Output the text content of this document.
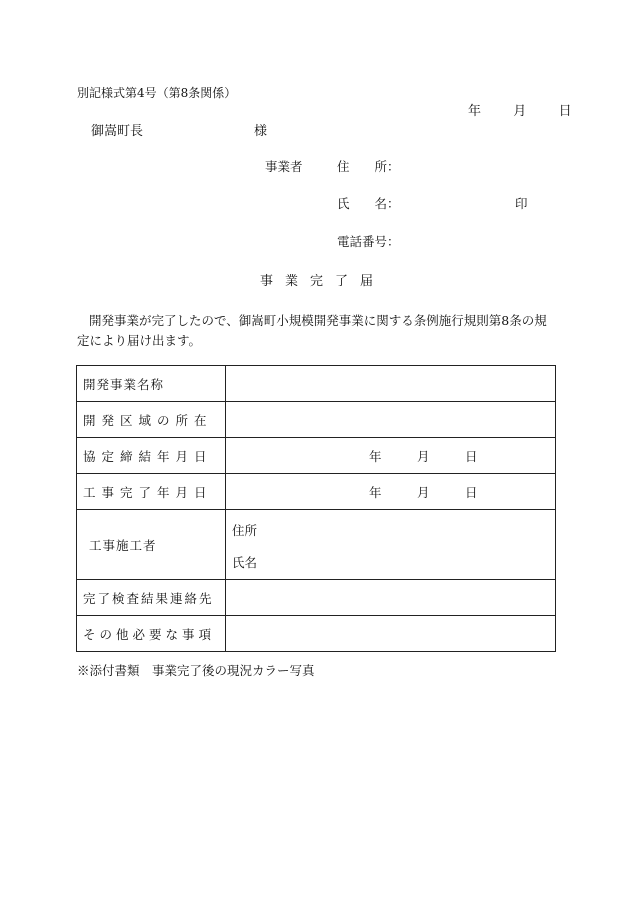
別記様式第4号（第8条関係）
年 月 日
御嵩町長	様
事業者	住　　所：
氏　　名：	印
電話番号：
事業完了届
開発事業が完了したので、御嵩町小規模開発事業に関する条例施行規則第8条の規定により届け出ます。
開発事業名称	
開発区域の所在	
協定締結年月日	年 月 日

工事完了年月日	年 月 日

工事施工者	住所
氏名

完了検査結果連絡先	
その他必要な事項	
※添付書類　事業完了後の現況カラー写真
